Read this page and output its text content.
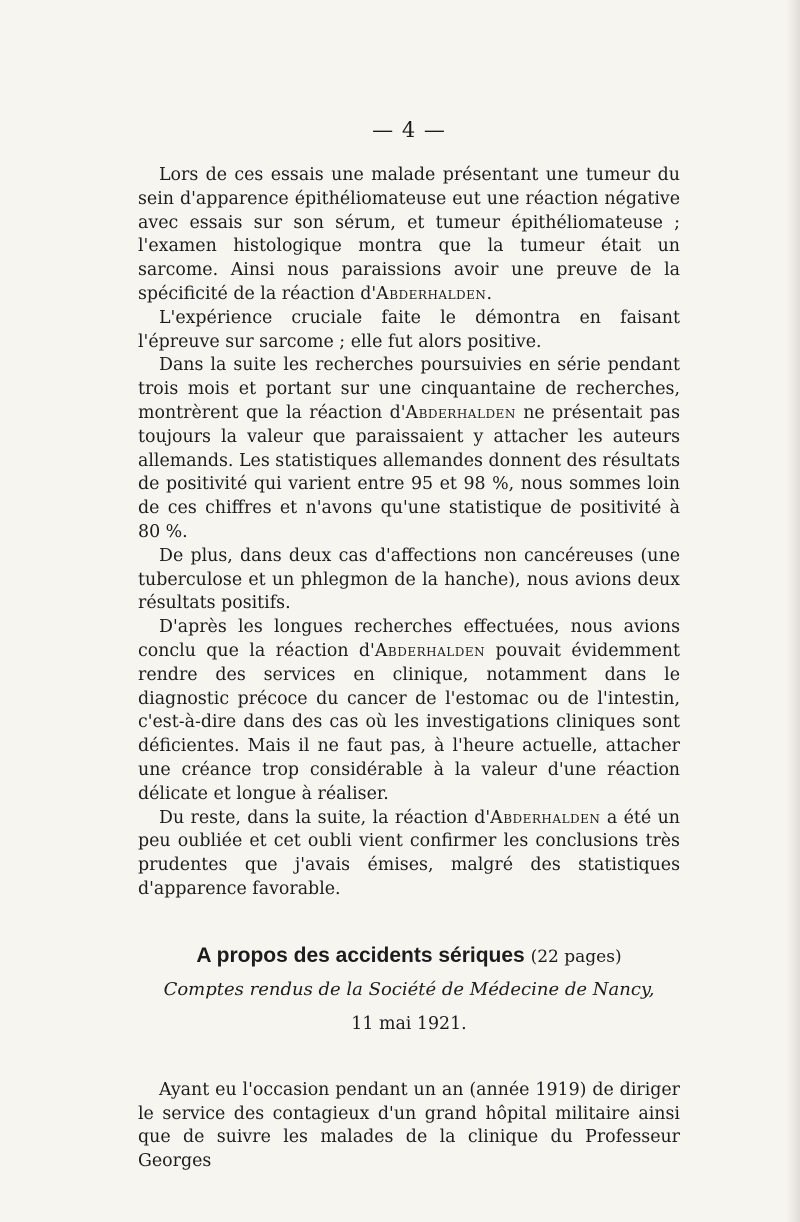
— 4 —

Lors de ces essais une malade présentant une tumeur du sein d'apparence épithéliomateuse eut une réaction négative avec essais sur son sérum, et tumeur épithéliomateuse ; l'examen histologique montra que la tumeur était un sarcome. Ainsi nous paraissions avoir une preuve de la spécificité de la réaction d'Abderhalden.

L'expérience cruciale faite le démontra en faisant l'épreuve sur sarcome ; elle fut alors positive.

Dans la suite les recherches poursuivies en série pendant trois mois et portant sur une cinquantaine de recherches, montrèrent que la réaction d'Abderhalden ne présentait pas toujours la valeur que paraissaient y attacher les auteurs allemands. Les statistiques allemandes donnent des résultats de positivité qui varient entre 95 et 98 %, nous sommes loin de ces chiffres et n'avons qu'une statistique de positivité à 80 %.

De plus, dans deux cas d'affections non cancéreuses (une tuberculose et un phlegmon de la hanche), nous avions deux résultats positifs.

D'après les longues recherches effectuées, nous avions conclu que la réaction d'Abderhalden pouvait évidemment rendre des services en clinique, notamment dans le diagnostic précoce du cancer de l'estomac ou de l'intestin, c'est-à-dire dans des cas où les investigations cliniques sont déficientes. Mais il ne faut pas, à l'heure actuelle, attacher une créance trop considérable à la valeur d'une réaction délicate et longue à réaliser.

Du reste, dans la suite, la réaction d'Abderhalden a été un peu oubliée et cet oubli vient confirmer les conclusions très prudentes que j'avais émises, malgré des statistiques d'apparence favorable.

A propos des accidents sériques (22 pages)
Comptes rendus de la Société de Médecine de Nancy,
11 mai 1921.

Ayant eu l'occasion pendant un an (année 1919) de diriger le service des contagieux d'un grand hôpital militaire ainsi que de suivre les malades de la clinique du Professeur Georges
